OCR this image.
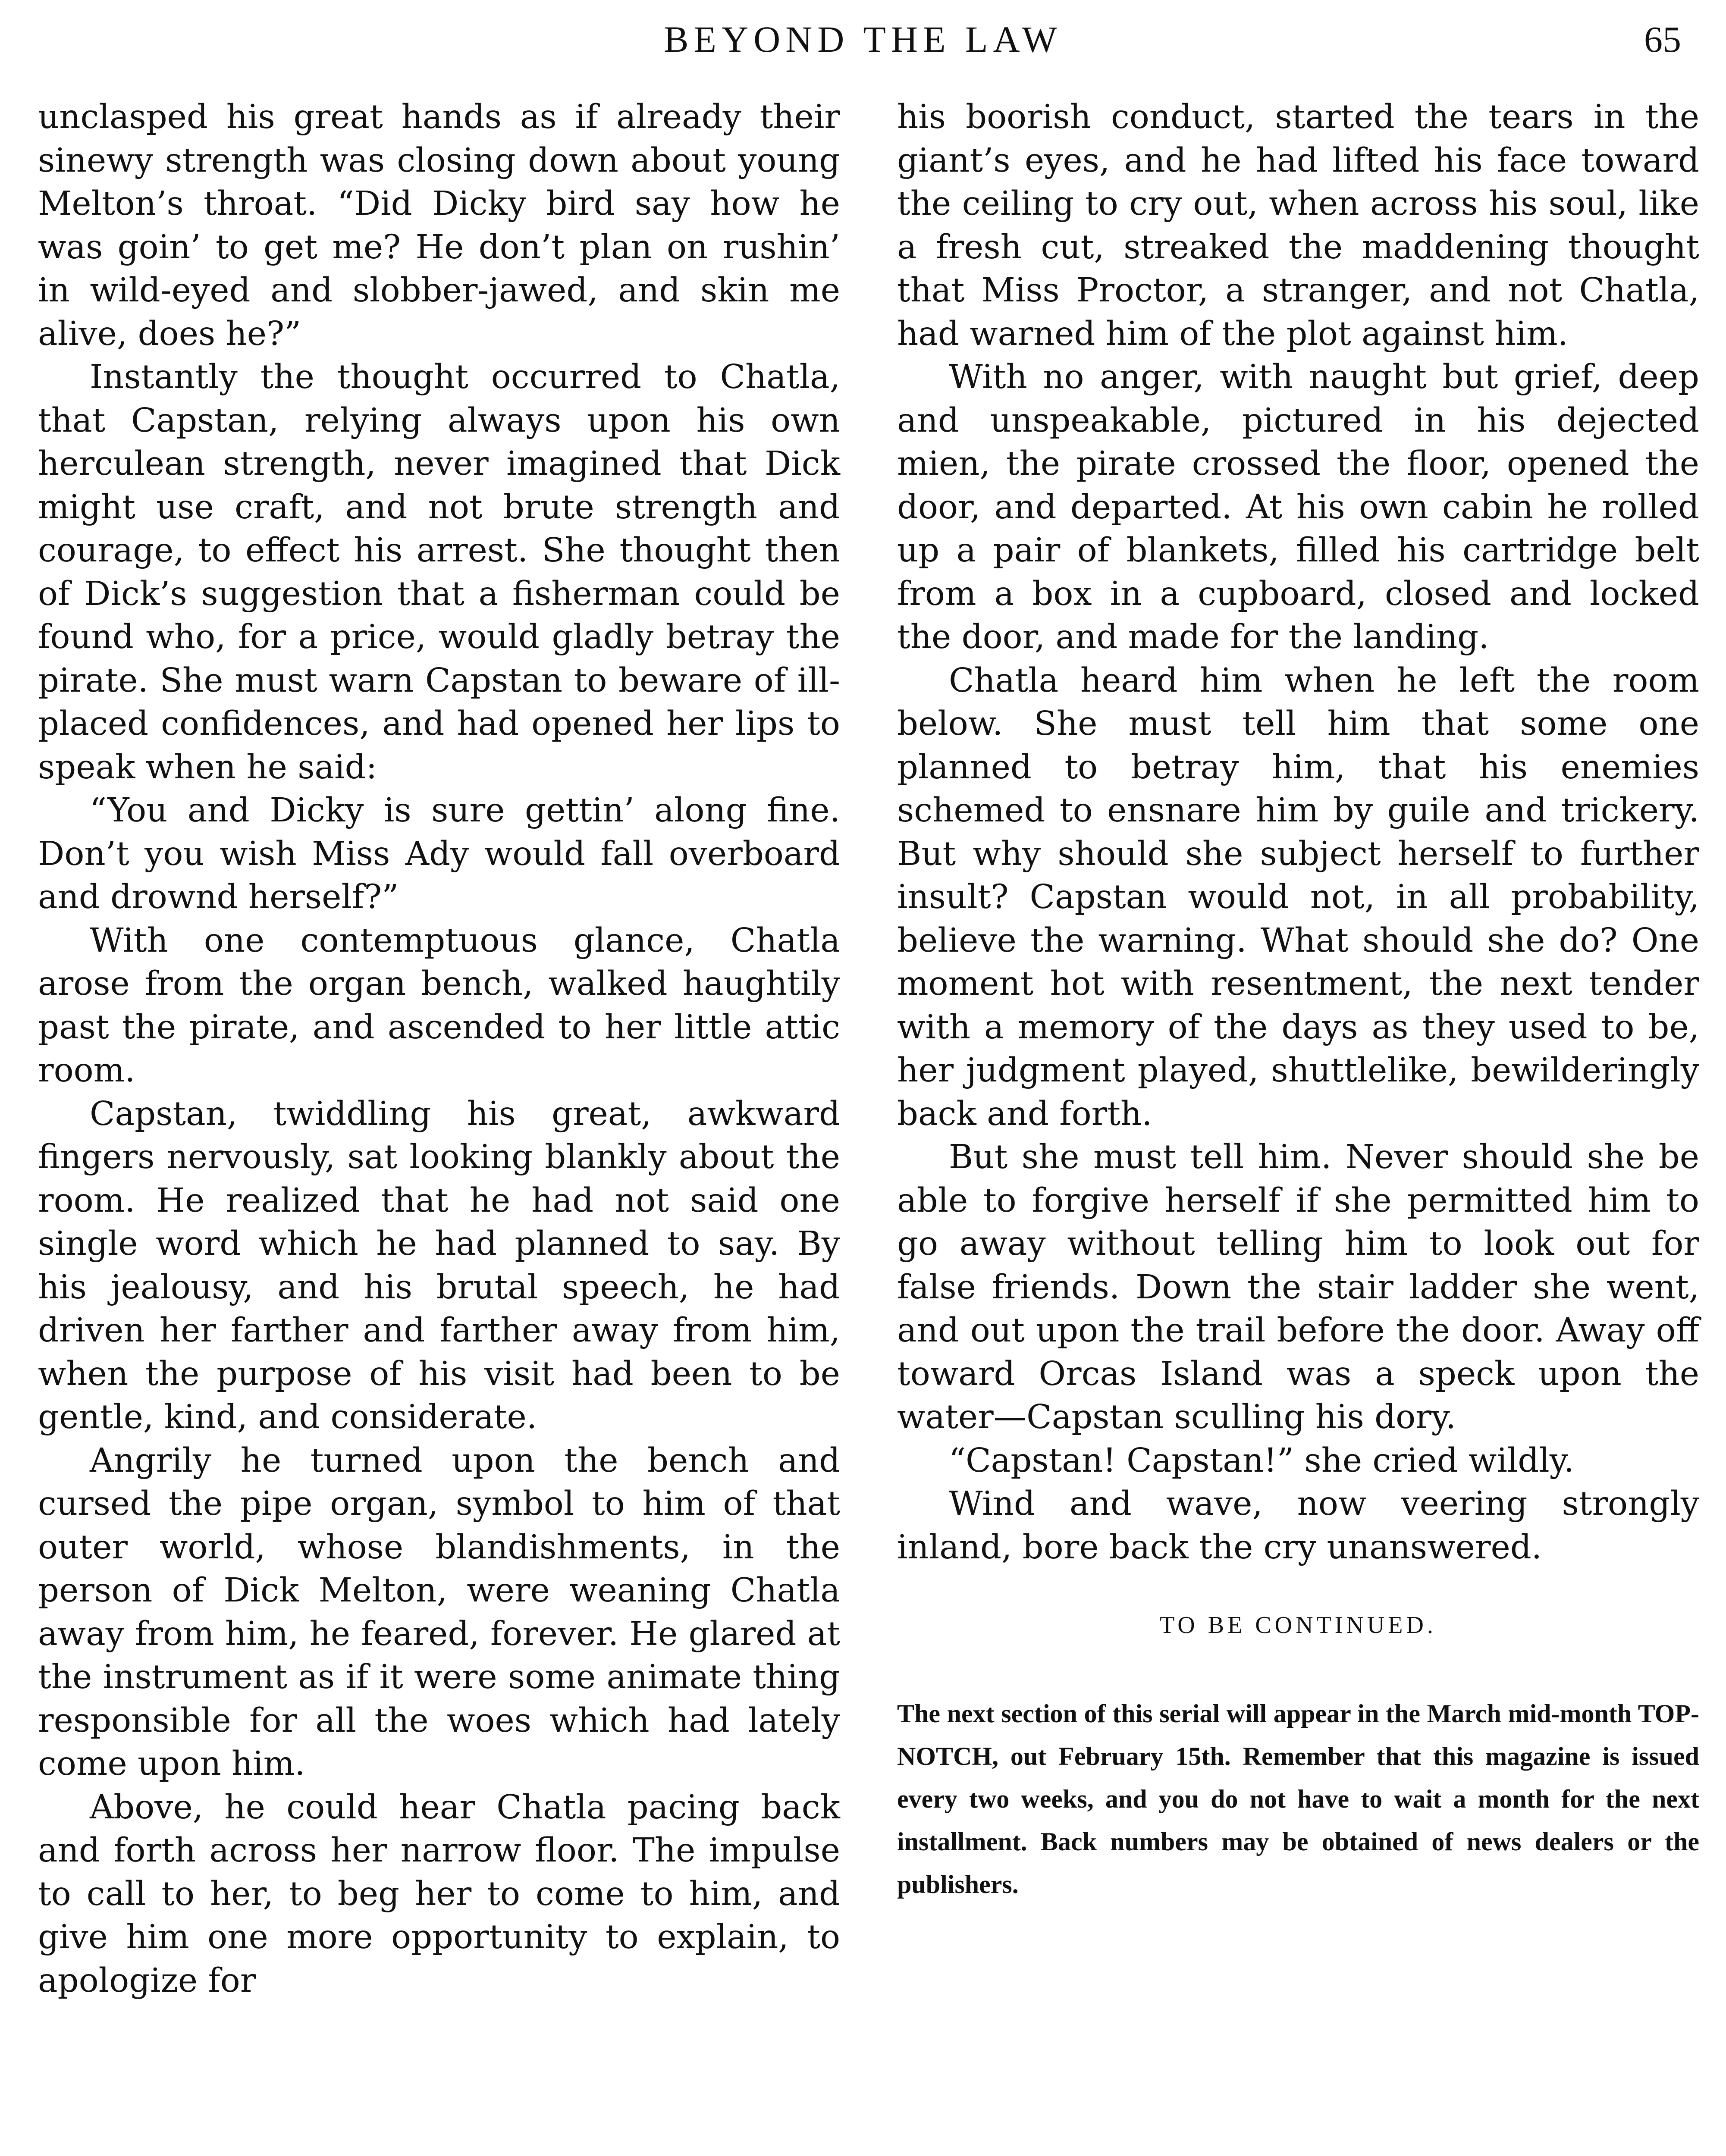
BEYOND THE LAW	65

unclasped his great hands as if already their sinewy strength was closing down about young Melton’s throat. “Did Dicky bird say how he was goin’ to get me? He don’t plan on rushin’ in wild-eyed and slobber-jawed, and skin me alive, does he?”

Instantly the thought occurred to Chatla, that Capstan, relying always upon his own herculean strength, never imagined that Dick might use craft, and not brute strength and courage, to effect his arrest. She thought then of Dick’s suggestion that a fisherman could be found who, for a price, would gladly betray the pirate. She must warn Capstan to beware of ill-placed confidences, and had opened her lips to speak when he said:

“You and Dicky is sure gettin’ along fine. Don’t you wish Miss Ady would fall overboard and drownd herself?”

With one contemptuous glance, Chatla arose from the organ bench, walked haughtily past the pirate, and ascended to her little attic room.

Capstan, twiddling his great, awkward fingers nervously, sat looking blankly about the room. He realized that he had not said one single word which he had planned to say. By his jealousy, and his brutal speech, he had driven her farther and farther away from him, when the purpose of his visit had been to be gentle, kind, and considerate.

Angrily he turned upon the bench and cursed the pipe organ, symbol to him of that outer world, whose blandishments, in the person of Dick Melton, were weaning Chatla away from him, he feared, forever. He glared at the instrument as if it were some animate thing responsible for all the woes which had lately come upon him.

Above, he could hear Chatla pacing back and forth across her narrow floor. The impulse to call to her, to beg her to come to him, and give him one more opportunity to explain, to apologize for

his boorish conduct, started the tears in the giant’s eyes, and he had lifted his face toward the ceiling to cry out, when across his soul, like a fresh cut, streaked the maddening thought that Miss Proctor, a stranger, and not Chatla, had warned him of the plot against him.

With no anger, with naught but grief, deep and unspeakable, pictured in his dejected mien, the pirate crossed the floor, opened the door, and departed. At his own cabin he rolled up a pair of blankets, filled his cartridge belt from a box in a cupboard, closed and locked the door, and made for the landing.

Chatla heard him when he left the room below. She must tell him that some one planned to betray him, that his enemies schemed to ensnare him by guile and trickery. But why should she subject herself to further insult? Capstan would not, in all probability, believe the warning. What should she do? One moment hot with resentment, the next tender with a memory of the days as they used to be, her judgment played, shuttlelike, bewilderingly back and forth.

But she must tell him. Never should she be able to forgive herself if she permitted him to go away without telling him to look out for false friends. Down the stair ladder she went, and out upon the trail before the door. Away off toward Orcas Island was a speck upon the water—Capstan sculling his dory.

“Capstan! Capstan!” she cried wildly.

Wind and wave, now veering strongly inland, bore back the cry unanswered.

TO BE CONTINUED.
The next section of this serial will appear in the March mid-month TOP-NOTCH, out February 15th. Remember that this magazine is issued every two weeks, and you do not have to wait a month for the next installment. Back numbers may be obtained of news dealers or the publishers.
